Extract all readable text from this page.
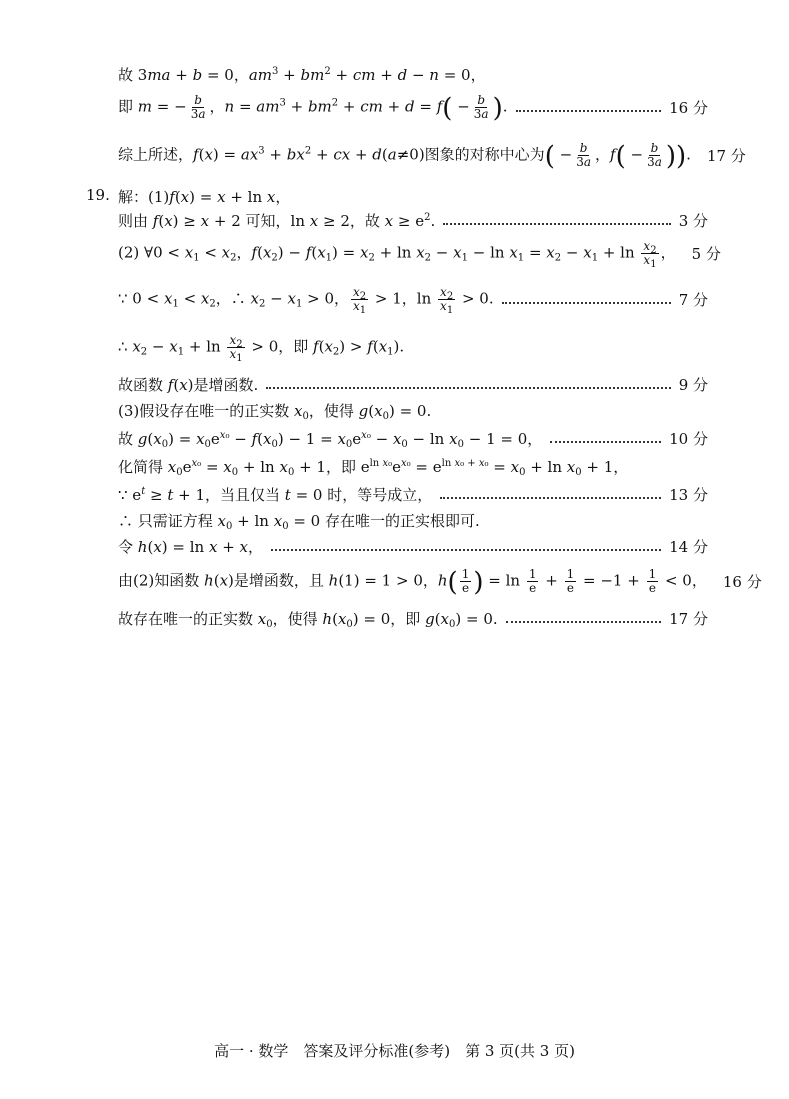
故 3ma + b = 0，$am^3 + bm^2$ + cm + d − n = 0，
即 m = − $\frac{b}{3a}$ ，$n = am^3 + bm^2$ + cm + $d = f( - \frac{b}{3a}$ ).	16 分
综上所述，$f(x) = ax^3 + bx^2$ + cx + d(a≠0)图象的对称中心为( − $\frac{b}{3a}$ ，$f( - \frac{b}{3a}$ )). 17 分
19. 解：(1)f(x) = x + ln x，
则由 f(x) ≥ x + 2 可知，ln x ≥ 2，故 $x \ge e^2$.	3 分
(2) ∀0 < $x_1 < x_2$，$f(x_2) - f(x_1) = x_2 + \ln x_2 - x_1 - \ln x_1 = x_2 - x_1 + \ln \frac{x_2}{x_1}$ ， 5 分
∵ $0 < x_1 < x_2$，∴ $x_2 - x_1 > 0$， $\frac{x_2}{x_1} > 1$，$\ln \frac{x_2}{x_1} > 0$.	7 分
∴ $x_2 - x_1 + \ln \frac{x_2}{x_1} > 0$，即 $f(x_2) > f(x_1)$.
故函数 f(x)是增函数.	9 分
(3)假设存在唯一的正实数 $x_0$，使得 $g(x_0) = 0$.
故 $g(x_0) = x_0e^{x_0} - f(x_0) - 1 = x_0e^{x_0} - x_0 - \ln x_0 - 1 = 0$，	10 分
化简得 $x_0e^{x_0} = x_0 + \ln x_0 + 1$，即 $e^{ln x_0}e^{x_0} = e^{ln x_0 + x_0} = x_0 + \ln x_0 + 1$，
∵ $e^t \ge t + 1$，当且仅当 t = 0 时，等号成立，	13 分
∴ 只需证方程 $x_0 + \ln x_0 = 0$ 存在唯一的正实根即可.
令 h(x) = ln x + x，	14 分
由(2)知函数 h(x)是增函数，且 h(1) = 1 > 0，$h( \frac{1}{e}$ ) = $\ln \frac{1}{e} + \frac{1}{e} = -1 + \frac{1}{e} < 0$， 16 分
故存在唯一的正实数 $x_0$，使得 $h(x_0) = 0$，即 $g(x_0) = 0$.	17 分
高一 · 数学　答案及评分标准(参考)　第 3 页(共 3 页)
